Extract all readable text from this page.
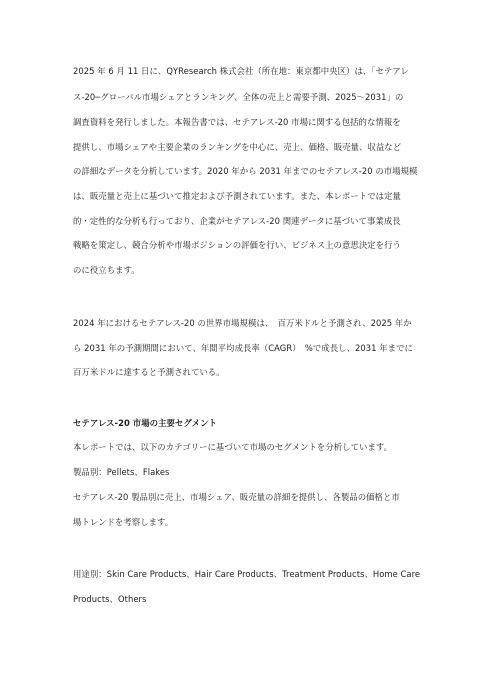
2025 年 6 月 11 日に、QYResearch 株式会社（所在地：東京都中央区）は、「セテアレ

ス-20─グローバル市場シェアとランキング、全体の売上と需要予測、2025〜2031」の

調査資料を発行しました。本報告書では、セテアレス-20 市場に関する包括的な情報を

提供し、市場シェアや主要企業のランキングを中心に、売上、価格、販売量、収益など

の詳細なデータを分析しています。2020 年から 2031 年までのセテアレス-20 の市場規模

は、販売量と売上に基づいて推定および予測されています。また、本レポートでは定量

的・定性的な分析も行っており、企業がセテアレス-20 関連データに基づいて事業成長

戦略を策定し、競合分析や市場ポジションの評価を行い、ビジネス上の意思決定を行う

のに役立ちます。

2024 年におけるセテアレス-20 の世界市場規模は、　百万米ドルと予測され、2025 年か

ら 2031 年の予測期間において、年間平均成長率（CAGR）　%で成長し、2031 年までに

百万米ドルに達すると予測されている。

セテアレス-20 市場の主要セグメント

本レポートでは、以下のカテゴリーに基づいて市場のセグメントを分析しています。

製品別：Pellets、Flakes

セテアレス-20 製品別に売上、市場シェア、販売量の詳細を提供し、各製品の価格と市

場トレンドを考察します。

用途別：Skin Care Products、Hair Care Products、Treatment Products、Home Care

Products、Others
